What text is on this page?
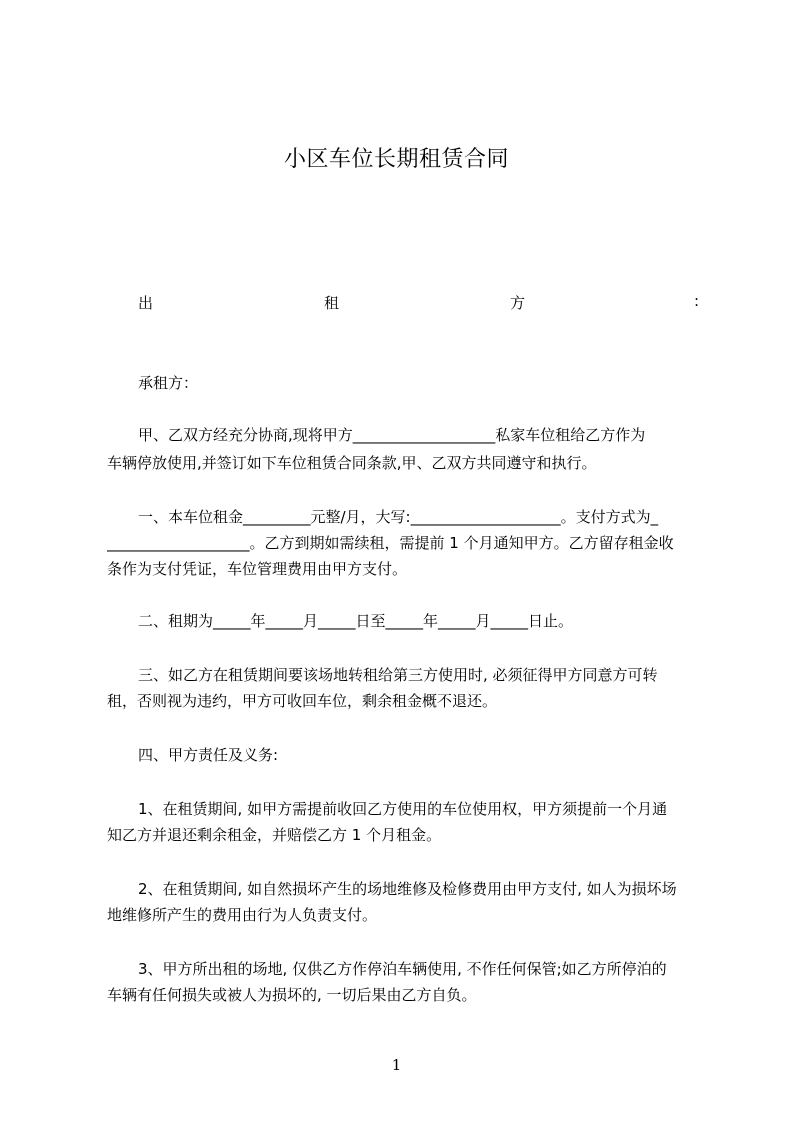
小区车位长期租赁合同
出	租	方	:
承租方：
甲、乙双方经充分协商,现将甲方___________________私家车位租给乙方作为
车辆停放使用,并签订如下车位租赁合同条款,甲、乙双方共同遵守和执行。
一、本车位租金_________元整/月，大写:____________________。支付方式为_
___________________。乙方到期如需续租，需提前 1 个月通知甲方。乙方留存租金收
条作为支付凭证，车位管理费用由甲方支付。
二、租期为_____年_____月_____日至_____年_____月_____日止。
三、如乙方在租赁期间要该场地转租给第三方使用时, 必须征得甲方同意方可转
租，否则视为违约，甲方可收回车位，剩余租金概不退还。
四、甲方责任及义务:
1、在租赁期间, 如甲方需提前收回乙方使用的车位使用权，甲方须提前一个月通
知乙方并退还剩余租金，并赔偿乙方 1 个月租金。
2、在租赁期间, 如自然损坏产生的场地维修及检修费用由甲方支付, 如人为损坏场
地维修所产生的费用由行为人负责支付。
3、甲方所出租的场地, 仅供乙方作停泊车辆使用, 不作任何保管;如乙方所停泊的
车辆有任何损失或被人为损坏的, 一切后果由乙方自负。
1
